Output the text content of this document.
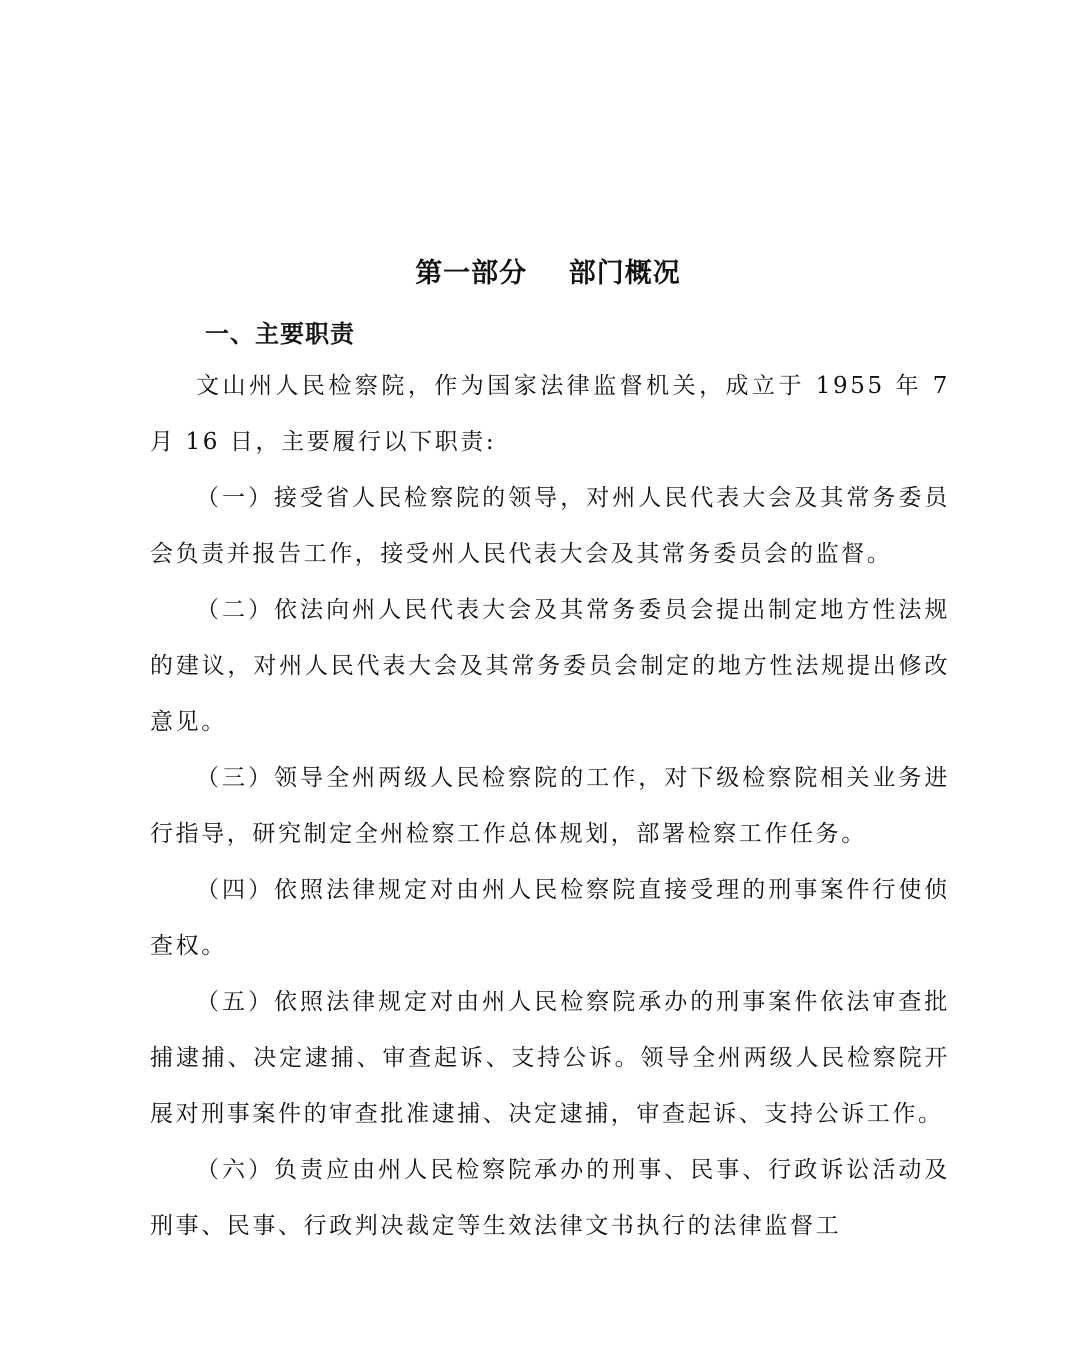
第一部分    部门概况
一、主要职责

文山州人民检察院，作为国家法律监督机关，成立于 1955 年 7 月 16 日，主要履行以下职责:

（一）接受省人民检察院的领导，对州人民代表大会及其常务委员会负责并报告工作，接受州人民代表大会及其常务委员会的监督。

（二）依法向州人民代表大会及其常务委员会提出制定地方性法规的建议，对州人民代表大会及其常务委员会制定的地方性法规提出修改意见。

（三）领导全州两级人民检察院的工作，对下级检察院相关业务进行指导，研究制定全州检察工作总体规划，部署检察工作任务。

（四）依照法律规定对由州人民检察院直接受理的刑事案件行使侦查权。

（五）依照法律规定对由州人民检察院承办的刑事案件依法审查批捕逮捕、决定逮捕、审查起诉、支持公诉。领导全州两级人民检察院开展对刑事案件的审查批准逮捕、决定逮捕，审查起诉、支持公诉工作。

（六）负责应由州人民检察院承办的刑事、民事、行政诉讼活动及刑事、民事、行政判决裁定等生效法律文书执行的法律监督工
